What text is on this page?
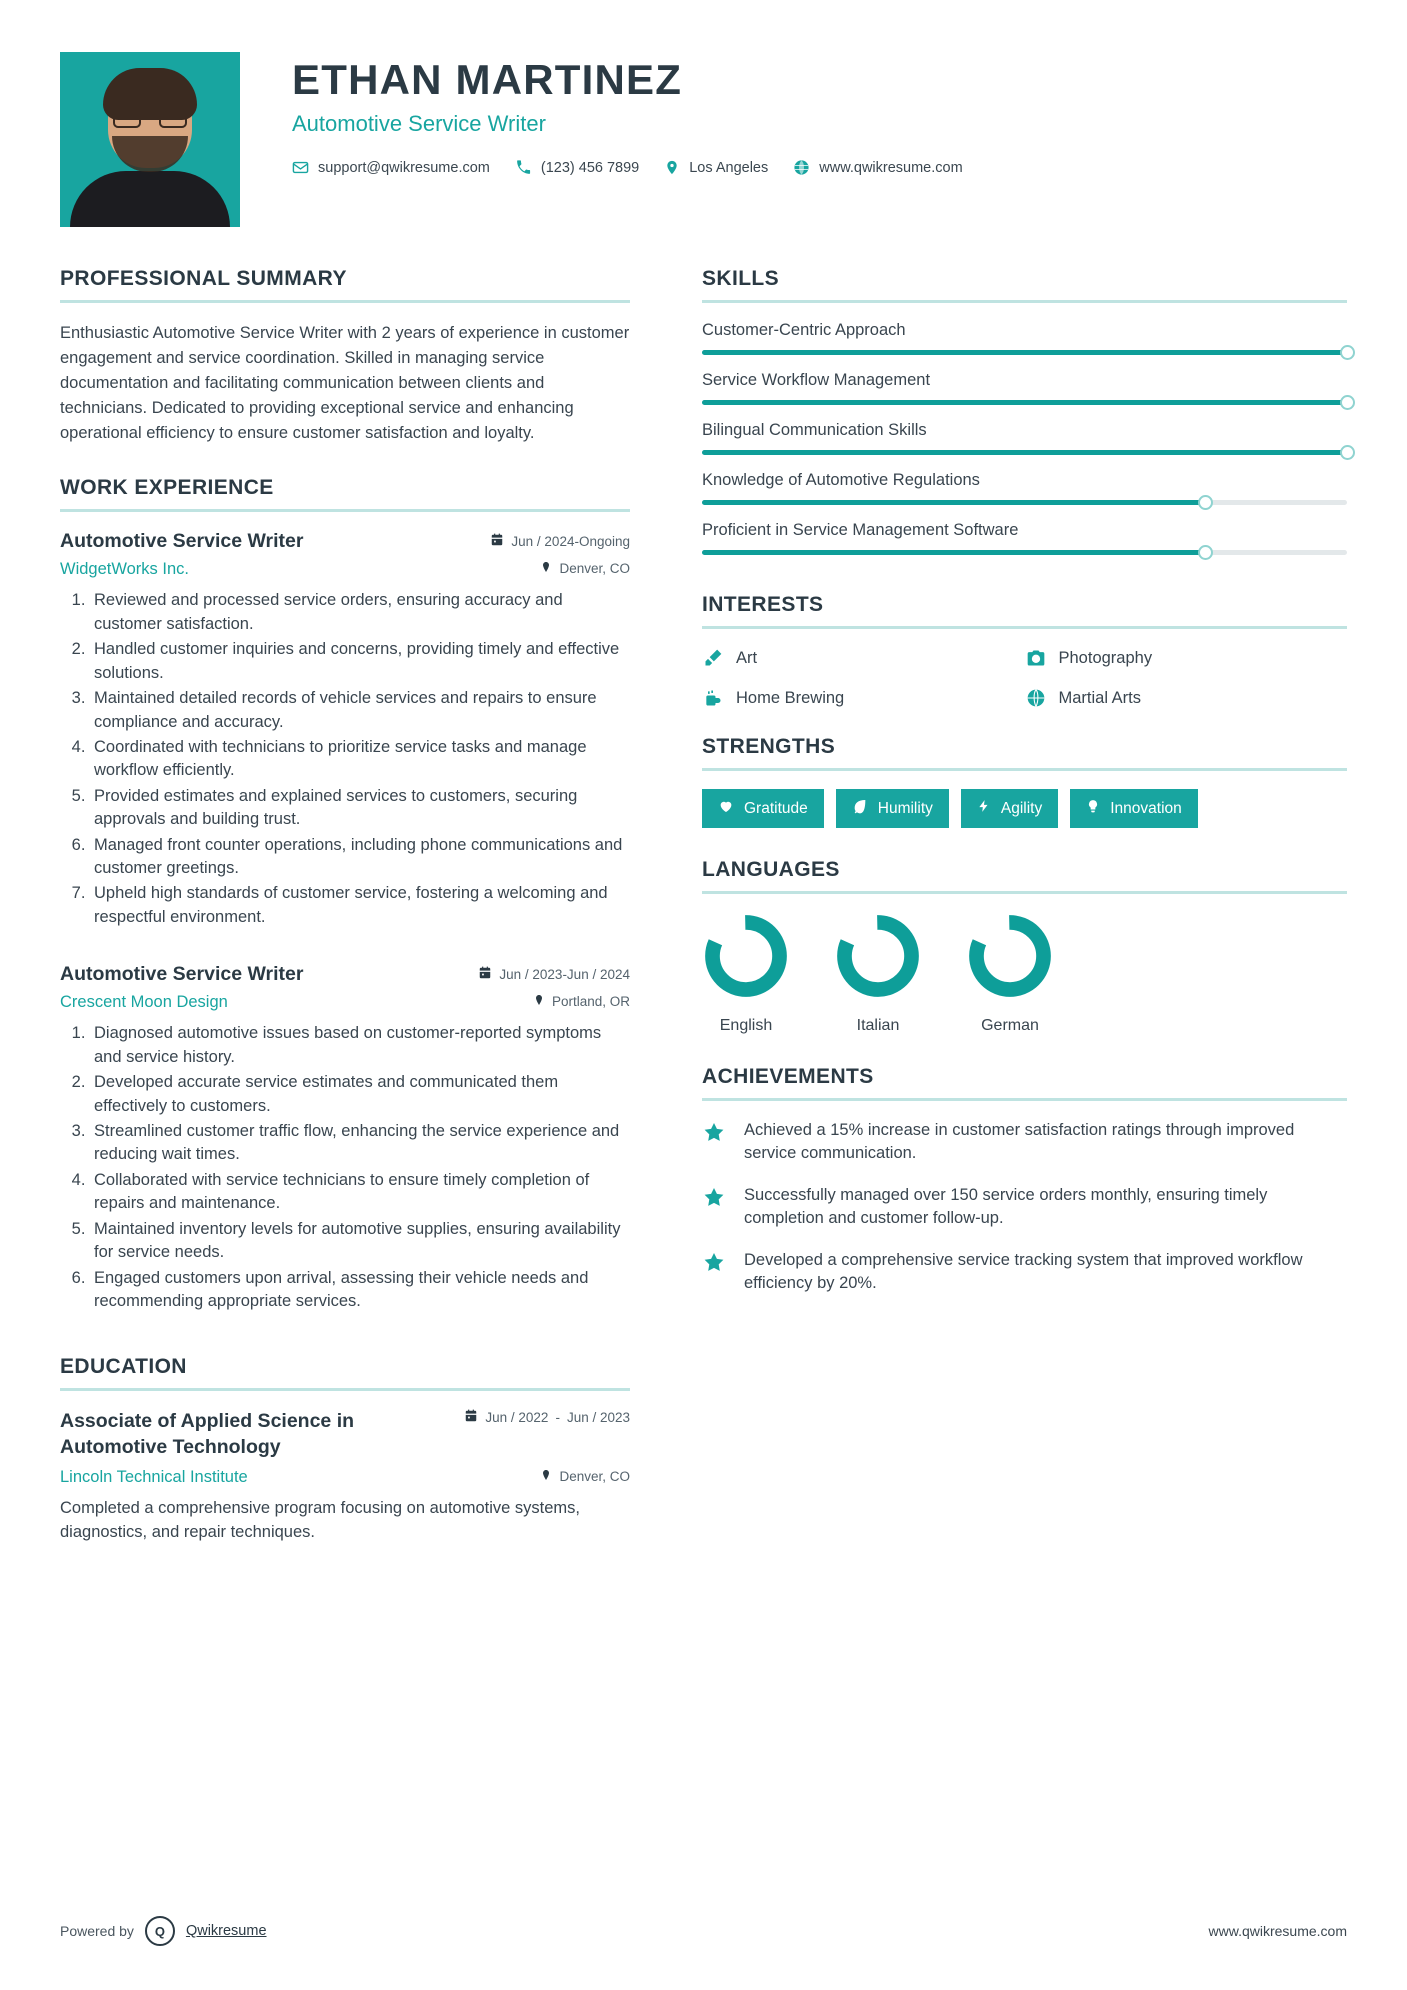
ETHAN MARTINEZ
Automotive Service Writer
support@qwikresume.com	(123) 456 7899	Los Angeles	www.qwikresume.com
PROFESSIONAL SUMMARY
Enthusiastic Automotive Service Writer with 2 years of experience in customer engagement and service coordination. Skilled in managing service documentation and facilitating communication between clients and technicians. Dedicated to providing exceptional service and enhancing operational efficiency to ensure customer satisfaction and loyalty.
WORK EXPERIENCE
Automotive Service Writer	Jun / 2024-Ongoing
WidgetWorks Inc.	Denver, CO
1. Reviewed and processed service orders, ensuring accuracy and customer satisfaction.
2. Handled customer inquiries and concerns, providing timely and effective solutions.
3. Maintained detailed records of vehicle services and repairs to ensure compliance and accuracy.
4. Coordinated with technicians to prioritize service tasks and manage workflow efficiently.
5. Provided estimates and explained services to customers, securing approvals and building trust.
6. Managed front counter operations, including phone communications and customer greetings.
7. Upheld high standards of customer service, fostering a welcoming and respectful environment.
Automotive Service Writer	Jun / 2023-Jun / 2024
Crescent Moon Design	Portland, OR
1. Diagnosed automotive issues based on customer-reported symptoms and service history.
2. Developed accurate service estimates and communicated them effectively to customers.
3. Streamlined customer traffic flow, enhancing the service experience and reducing wait times.
4. Collaborated with service technicians to ensure timely completion of repairs and maintenance.
5. Maintained inventory levels for automotive supplies, ensuring availability for service needs.
6. Engaged customers upon arrival, assessing their vehicle needs and recommending appropriate services.
EDUCATION
Associate of Applied Science in Automotive Technology
Jun / 2022 - Jun / 2023
Lincoln Technical Institute	Denver, CO
Completed a comprehensive program focusing on automotive systems, diagnostics, and repair techniques.
SKILLS
Customer-Centric Approach
Service Workflow Management
Bilingual Communication Skills
Knowledge of Automotive Regulations
Proficient in Service Management Software
INTERESTS
Art	Photography
Home Brewing	Martial Arts
STRENGTHS
Gratitude	Humility	Agility	Innovation
LANGUAGES
English	Italian	German
ACHIEVEMENTS
Achieved a 15% increase in customer satisfaction ratings through improved service communication.
Successfully managed over 150 service orders monthly, ensuring timely completion and customer follow-up.
Developed a comprehensive service tracking system that improved workflow efficiency by 20%.
Powered by	Q	Qwikresume	www.qwikresume.com
